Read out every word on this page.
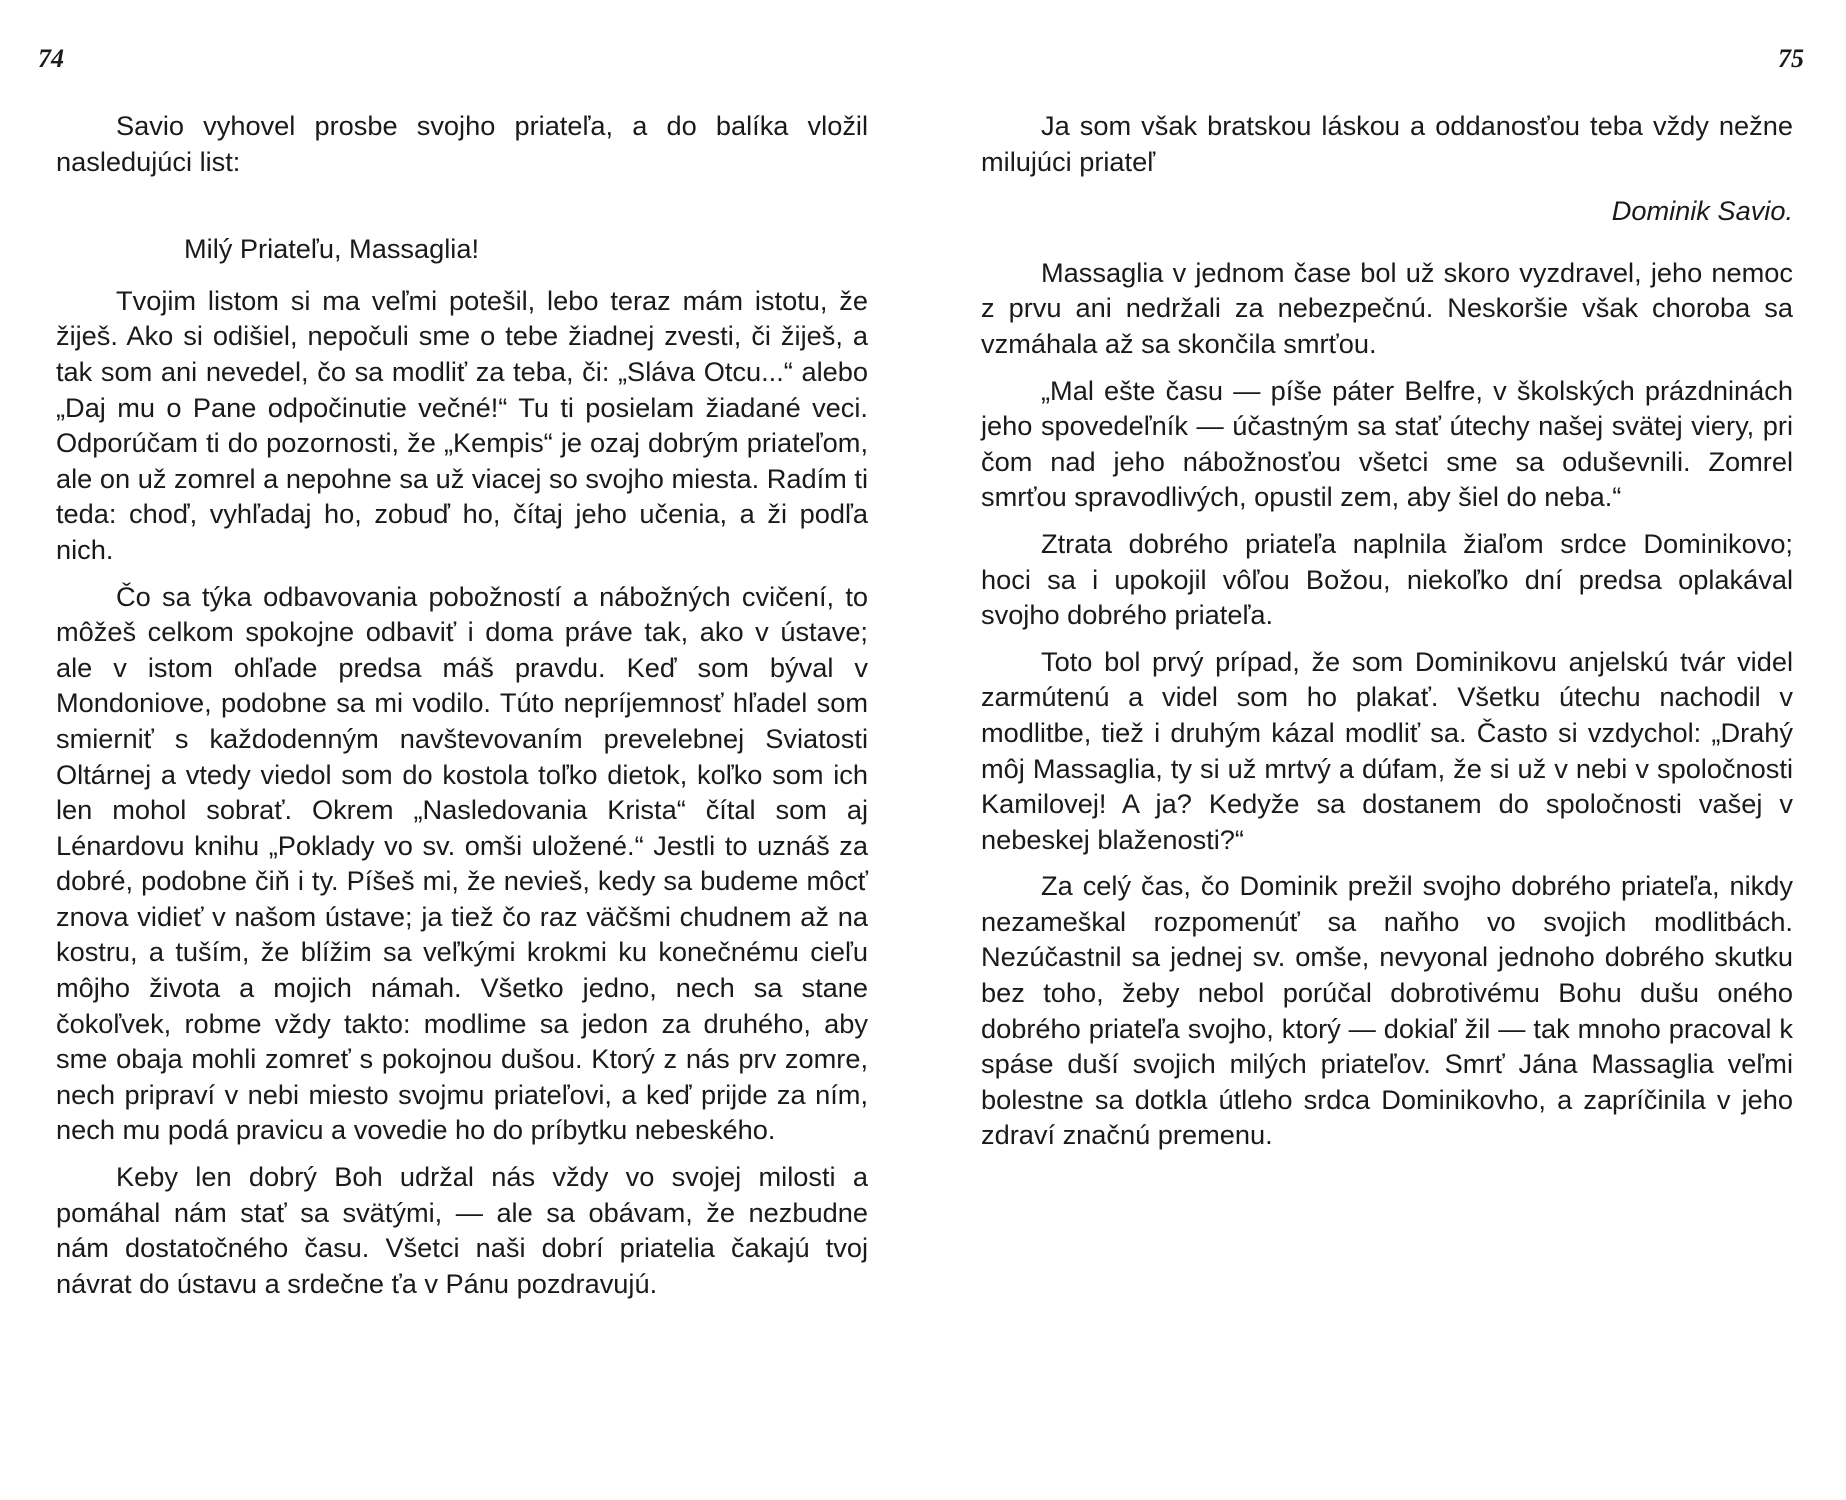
74

Savio vyhovel prosbe svojho priateľa, a do balíka vložil nasledujúci list:

Milý Priateľu, Massaglia!

Tvojim listom si ma veľmi potešil, lebo teraz mám istotu, že žiješ. Ako si odišiel, nepočuli sme o tebe žiadnej zvesti, či žiješ, a tak som ani nevedel, čo sa modliť za teba, či: „Sláva Otcu...“ alebo „Daj mu o Pane odpočinutie večné!“ Tu ti posielam žiadané veci. Odporúčam ti do pozornosti, že „Kempis“ je ozaj dobrým priateľom, ale on už zomrel a nepohne sa už viacej so svojho miesta. Radím ti teda: choď, vyhľadaj ho, zobuď ho, čítaj jeho učenia, a ži podľa nich.

Čo sa týka odbavovania pobožností a nábožných cvičení, to môžeš celkom spokojne odbaviť i doma práve tak, ako v ústave; ale v istom ohľade predsa máš pravdu. Keď som býval v Mondoniove, podobne sa mi vodilo. Túto nepríjemnosť hľadel som smierniť s každodenným navštevovaním prevelebnej Sviatosti Oltárnej a vtedy viedol som do kostola toľko dietok, koľko som ich len mohol sobrať. Okrem „Nasledovania Krista“ čítal som aj Lénardovu knihu „Poklady vo sv. omši uložené.“ Jestli to uznáš za dobré, podobne čiň i ty. Píšeš mi, že nevieš, kedy sa budeme môcť znova vidieť v našom ústave; ja tiež čo raz väčšmi chudnem až na kostru, a tuším, že blížim sa veľkými krokmi ku konečnému cieľu môjho života a mojich námah. Všetko jedno, nech sa stane čokoľvek, robme vždy takto: modlime sa jedon za druhého, aby sme obaja mohli zomreť s pokojnou dušou. Ktorý z nás prv zomre, nech pripraví v nebi miesto svojmu priateľovi, a keď prijde za ním, nech mu podá pravicu a vovedie ho do príbytku nebeského.

Keby len dobrý Boh udržal nás vždy vo svojej milosti a pomáhal nám stať sa svätými, — ale sa obávam, že nezbudne nám dostatočného času. Všetci naši dobrí priatelia čakajú tvoj návrat do ústavu a srdečne ťa v Pánu pozdravujú.

75

Ja som však bratskou láskou a oddanosťou teba vždy nežne milujúci priateľ

Dominik Savio.

Massaglia v jednom čase bol už skoro vyzdravel, jeho nemoc z prvu ani nedržali za nebezpečnú. Neskoršie však choroba sa vzmáhala až sa skončila smrťou.

„Mal ešte času — píše páter Belfre, v školských prázdninách jeho spovedeľník — účastným sa stať útechy našej svätej viery, pri čom nad jeho nábožnosťou všetci sme sa oduševnili. Zomrel smrťou spravodlivých, opustil zem, aby šiel do neba.“

Ztrata dobrého priateľa naplnila žiaľom srdce Dominikovo; hoci sa i upokojil vôľou Božou, niekoľko dní predsa oplakával svojho dobrého priateľa.

Toto bol prvý prípad, že som Dominikovu anjelskú tvár videl zarmútenú a videl som ho plakať. Všetku útechu nachodil v modlitbe, tiež i druhým kázal modliť sa. Často si vzdychol: „Drahý môj Massaglia, ty si už mrtvý a dúfam, že si už v nebi v spoločnosti Kamilovej! A ja? Kedyže sa dostanem do spoločnosti vašej v nebeskej blaženosti?“

Za celý čas, čo Dominik prežil svojho dobrého priateľa, nikdy nezameškal rozpomenúť sa naňho vo svojich modlitbách. Nezúčastnil sa jednej sv. omše, nevyonal jednoho dobrého skutku bez toho, žeby nebol porúčal dobrotivému Bohu dušu oného dobrého priateľa svojho, ktorý — dokiaľ žil — tak mnoho pracoval k spáse duší svojich milých priateľov. Smrť Jána Massaglia veľmi bolestne sa dotkla útleho srdca Dominikovho, a zapríčinila v jeho zdraví značnú premenu.
